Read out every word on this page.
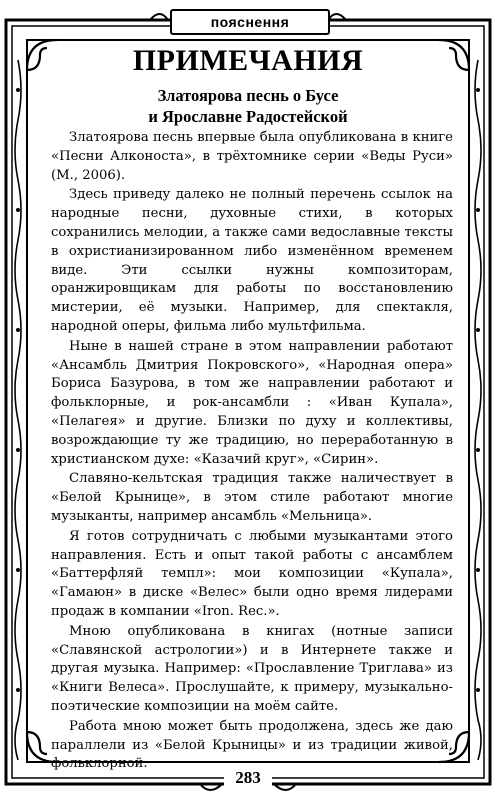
пояснення
ПРИМЕЧАНИЯ
Златоярова песнь о Бусе
и Ярославне Радостейской

Златоярова песнь впервые была опубликована в книге «Песни Алконоста», в трёхтомнике серии «Веды Руси» (М., 2006).

Здесь приведу далеко не полный перечень ссылок на народные песни, духовные стихи, в которых сохранились мелодии, а также сами ведославные тексты в охристианизированном либо изменённом временем виде. Эти ссылки нужны композиторам, оранжировщикам для работы по восстановлению мистерии, её музыки. Например, для спектакля, народной оперы, фильма либо мультфильма.

Ныне в нашей стране в этом направлении работают «Ансамбль Дмитрия Покровского», «Народная опера» Бориса Базурова, в том же направлении работают и фольклорные, и рок-ансамбли : «Иван Купала», «Пелагея» и другие. Близки по духу и коллективы, возрождающие ту же традицию, но переработанную в христианском духе: «Казачий круг», «Сирин».

Славяно-кельтская традиция также наличествует в «Белой Крынице», в этом стиле работают многие музыканты, например ансамбль «Мельница».

Я готов сотрудничать с любыми музыкантами этого направления. Есть и опыт такой работы с ансамблем «Баттерфляй темпл»: мои композиции «Купала», «Гамаюн» в диске «Велес» были одно время лидерами продаж в компании «Iron. Rec.».

Мною опубликована в книгах (нотные записи «Славянской астрологии») и в Интернете также и другая музыка. Например: «Прославление Триглава» из «Книги Велеса». Прослушайте, к примеру, музыкально-поэтические композиции на моём сайте.

Работа мною может быть продолжена, здесь же даю параллели из «Белой Крыницы» и из традиции живой, фольклорной.

283
